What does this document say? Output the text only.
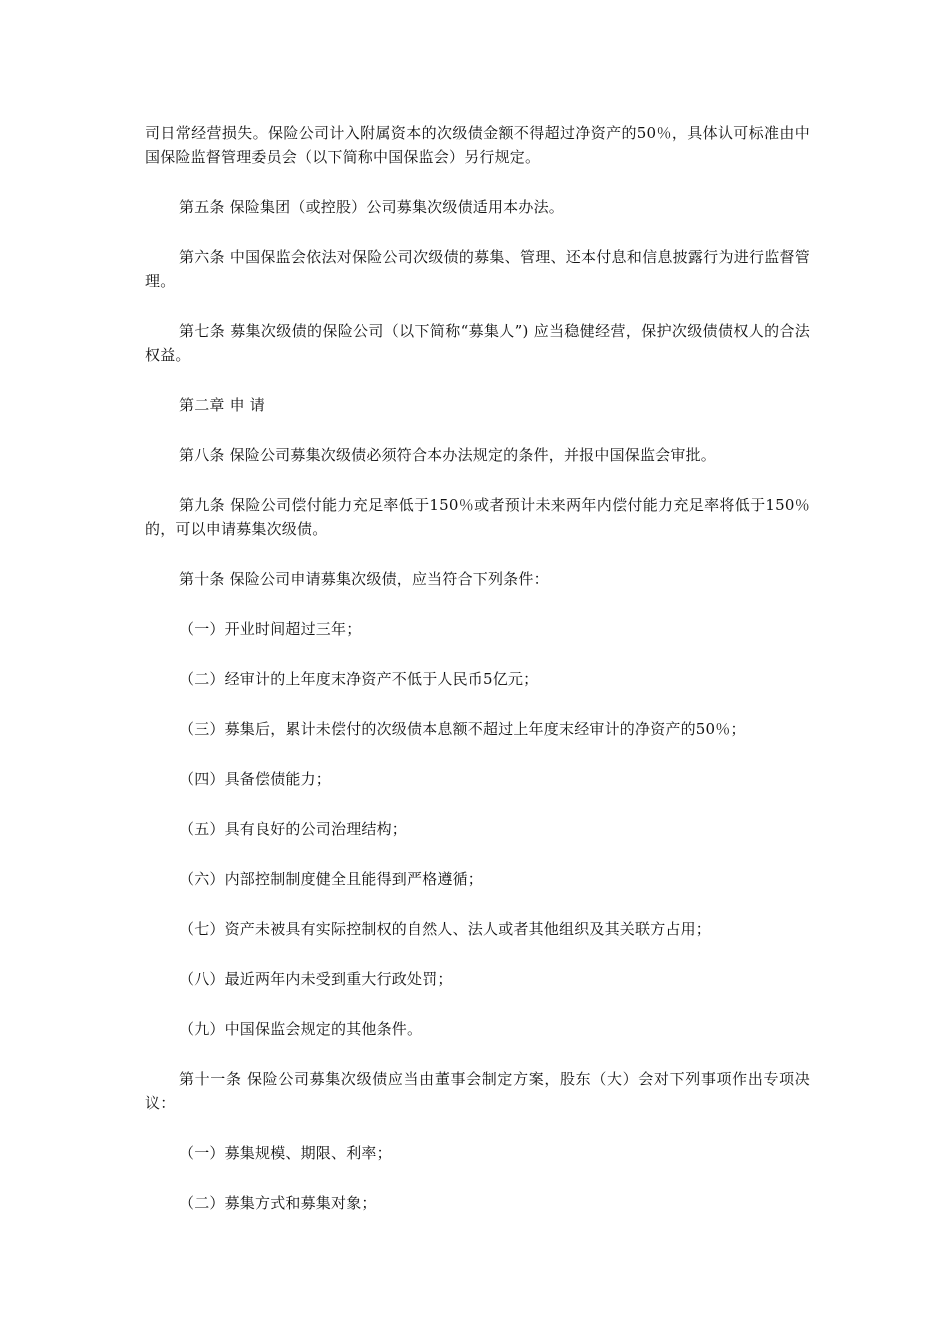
司日常经营损失。保险公司计入附属资本的次级债金额不得超过净资产的50％，具体认可标准由中国保险监督管理委员会（以下简称中国保监会）另行规定。

第五条 保险集团（或控股）公司募集次级债适用本办法。

第六条 中国保监会依法对保险公司次级债的募集、管理、还本付息和信息披露行为进行监督管理。

第七条 募集次级债的保险公司（以下简称“募集人”) 应当稳健经营，保护次级债债权人的合法权益。

第二章 申 请

第八条 保险公司募集次级债必须符合本办法规定的条件，并报中国保监会审批。

第九条 保险公司偿付能力充足率低于150％或者预计未来两年内偿付能力充足率将低于150％的，可以申请募集次级债。

第十条 保险公司申请募集次级债，应当符合下列条件：

（一）开业时间超过三年；

（二）经审计的上年度末净资产不低于人民币5亿元；

（三）募集后，累计未偿付的次级债本息额不超过上年度末经审计的净资产的50％；

（四）具备偿债能力；

（五）具有良好的公司治理结构；

（六）内部控制制度健全且能得到严格遵循；

（七）资产未被具有实际控制权的自然人、法人或者其他组织及其关联方占用；

（八）最近两年内未受到重大行政处罚；

（九）中国保监会规定的其他条件。

第十一条 保险公司募集次级债应当由董事会制定方案，股东（大）会对下列事项作出专项决议：

（一）募集规模、期限、利率；

（二）募集方式和募集对象；
